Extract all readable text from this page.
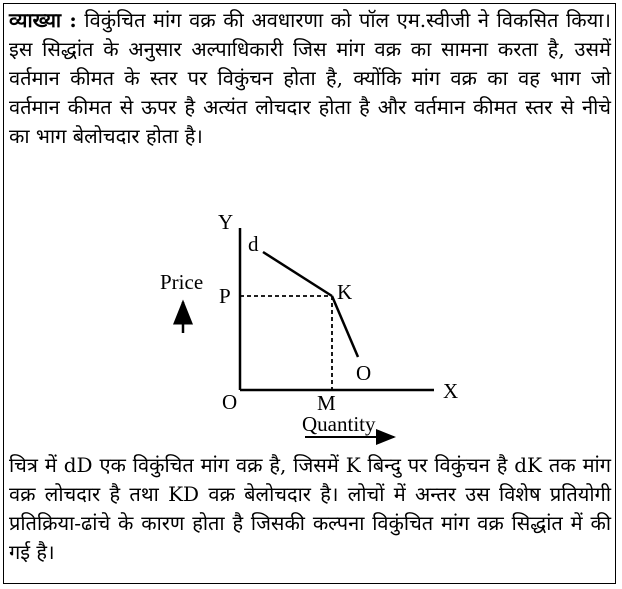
व्याख्या : विकुंचित मांग वक्र की अवधारणा को पॉल एम.स्वीजी ने विकसित किया। इस सिद्धांत के अनुसार अल्पाधिकारी जिस मांग वक्र का सामना करता है, उसमें वर्तमान कीमत के स्तर पर विकुंचन होता है, क्योंकि मांग वक्र का वह भाग जो वर्तमान कीमत से ऊपर है अत्यंत लोचदार होता है और वर्तमान कीमत स्तर से नीचे का भाग बेलोचदार होता है।

Y
d
Price
P	K
O
O	M	X
Quantity

चित्र में dD एक विकुंचित मांग वक्र है, जिसमें K बिन्दु पर विकुंचन है dK तक मांग वक्र लोचदार है तथा KD वक्र बेलोचदार है। लोचों में अन्तर उस विशेष प्रतियोगी प्रतिक्रिया-ढांचे के कारण होता है जिसकी कल्पना विकुंचित मांग वक्र सिद्धांत में की गई है।
